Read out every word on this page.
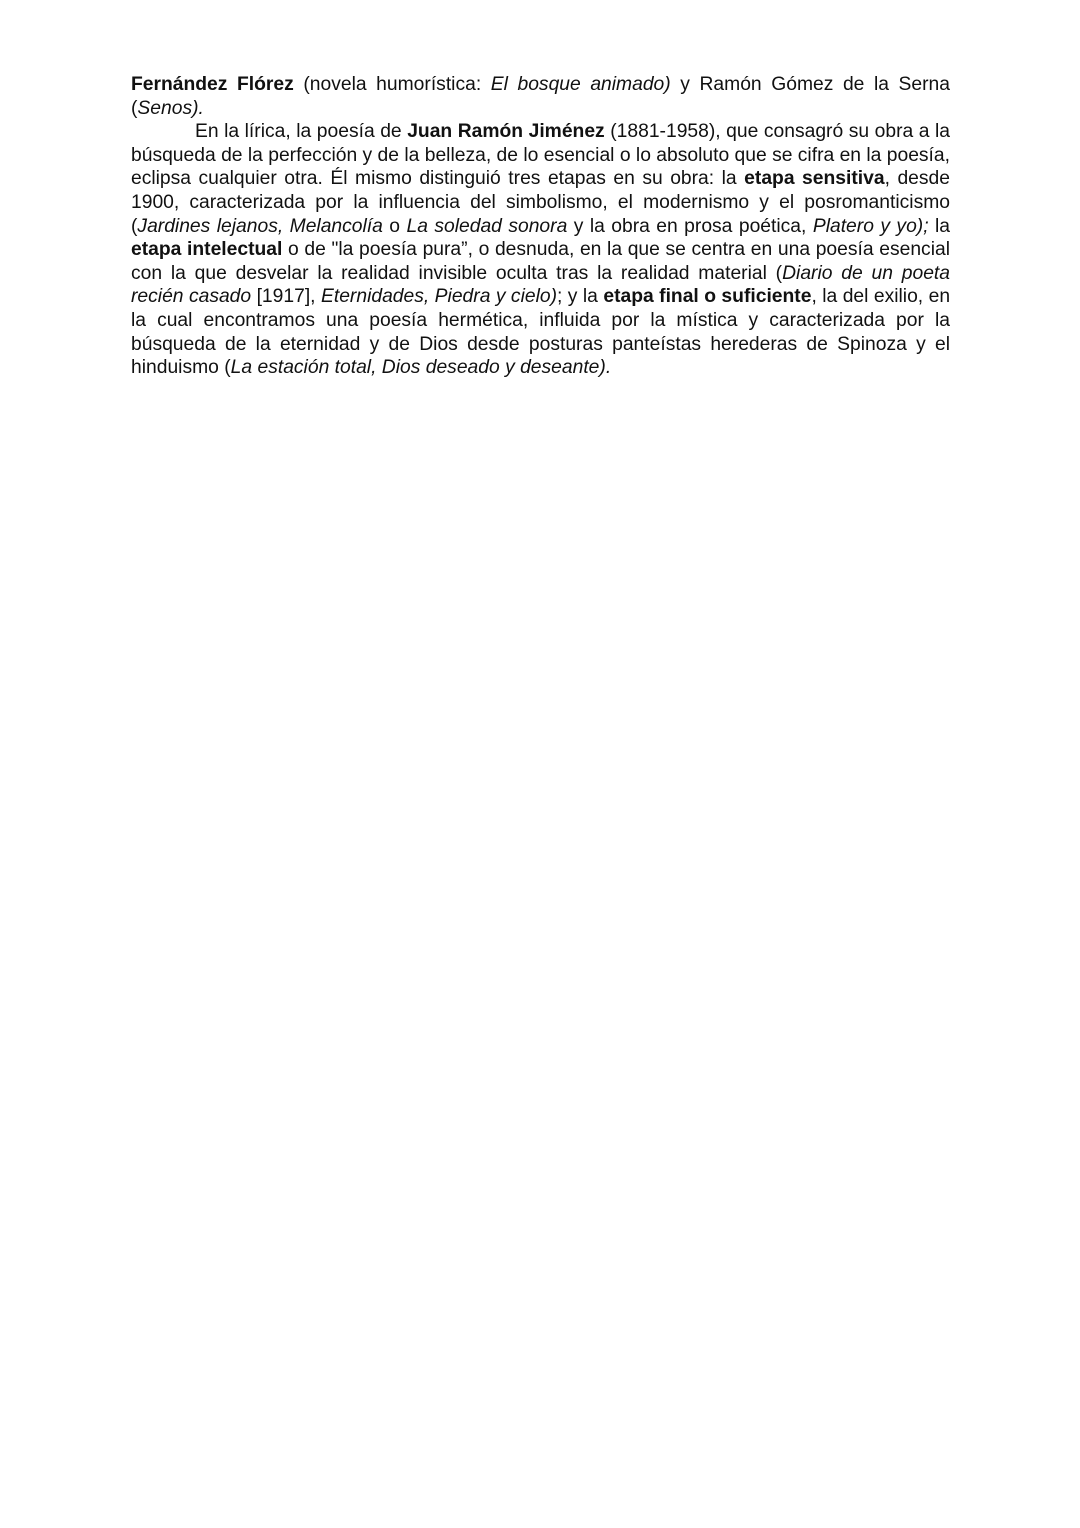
Fernández Flórez (novela humorística: El bosque animado) y Ramón Gómez de la Serna (Senos).

En la lírica, la poesía de Juan Ramón Jiménez (1881-1958), que consagró su obra a la búsqueda de la perfección y de la belleza, de lo esencial o lo absoluto que se cifra en la poesía, eclipsa cualquier otra. Él mismo distinguió tres etapas en su obra: la etapa sensitiva, desde 1900, caracterizada por la influencia del simbolismo, el modernismo y el posromanticismo (Jardines lejanos, Melancolía o La soledad sonora y la obra en prosa poética, Platero y yo); la etapa intelectual o de "la poesía pura”, o desnuda, en la que se centra en una poesía esencial con la que desvelar la realidad invisible oculta tras la realidad material (Diario de un poeta recién casado [1917], Eternidades, Piedra y cielo); y la etapa final o suficiente, la del exilio, en la cual encontramos una poesía hermética, influida por la mística y caracterizada por la búsqueda de la eternidad y de Dios desde posturas panteístas herederas de Spinoza y el hinduismo (La estación total, Dios deseado y deseante).
